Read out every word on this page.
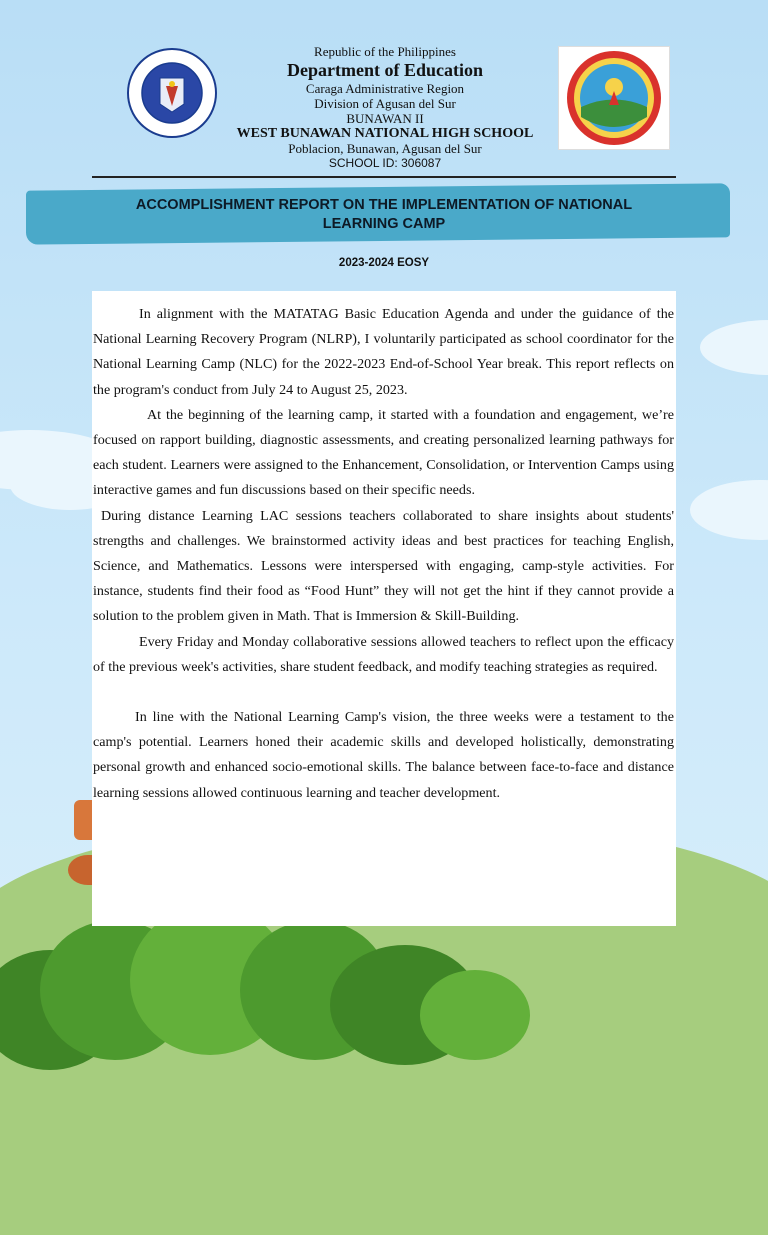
Republic of the Philippines
Department of Education
Caraga Administrative Region
Division of Agusan del Sur
BUNAWAN II
WEST BUNAWAN NATIONAL HIGH SCHOOL
Poblacion, Bunawan, Agusan del Sur
SCHOOL ID: 306087
ACCOMPLISHMENT REPORT ON THE IMPLEMENTATION OF NATIONAL LEARNING CAMP
2023-2024 EOSY

In alignment with the MATATAG Basic Education Agenda and under the guidance of the National Learning Recovery Program (NLRP), I voluntarily participated as school coordinator for the National Learning Camp (NLC) for the 2022-2023 End-of-School Year break. This report reflects on the program's conduct from July 24 to August 25, 2023.

At the beginning of the learning camp, it started with a foundation and engagement, we’re focused on rapport building, diagnostic assessments, and creating personalized learning pathways for each student. Learners were assigned to the Enhancement, Consolidation, or Intervention Camps using interactive games and fun discussions based on their specific needs.

During distance Learning LAC sessions teachers collaborated to share insights about students' strengths and challenges. We brainstormed activity ideas and best practices for teaching English, Science, and Mathematics. Lessons were interspersed with engaging, camp-style activities. For instance, students find their food as “Food Hunt” they will not get the hint if they cannot provide a solution to the problem given in Math. That is Immersion & Skill-Building.

Every Friday and Monday collaborative sessions allowed teachers to reflect upon the efficacy of the previous week's activities, share student feedback, and modify teaching strategies as required.

In line with the National Learning Camp's vision, the three weeks were a testament to the camp's potential. Learners honed their academic skills and developed holistically, demonstrating personal growth and enhanced socio-emotional skills. The balance between face-to-face and distance learning sessions allowed continuous learning and teacher development.
